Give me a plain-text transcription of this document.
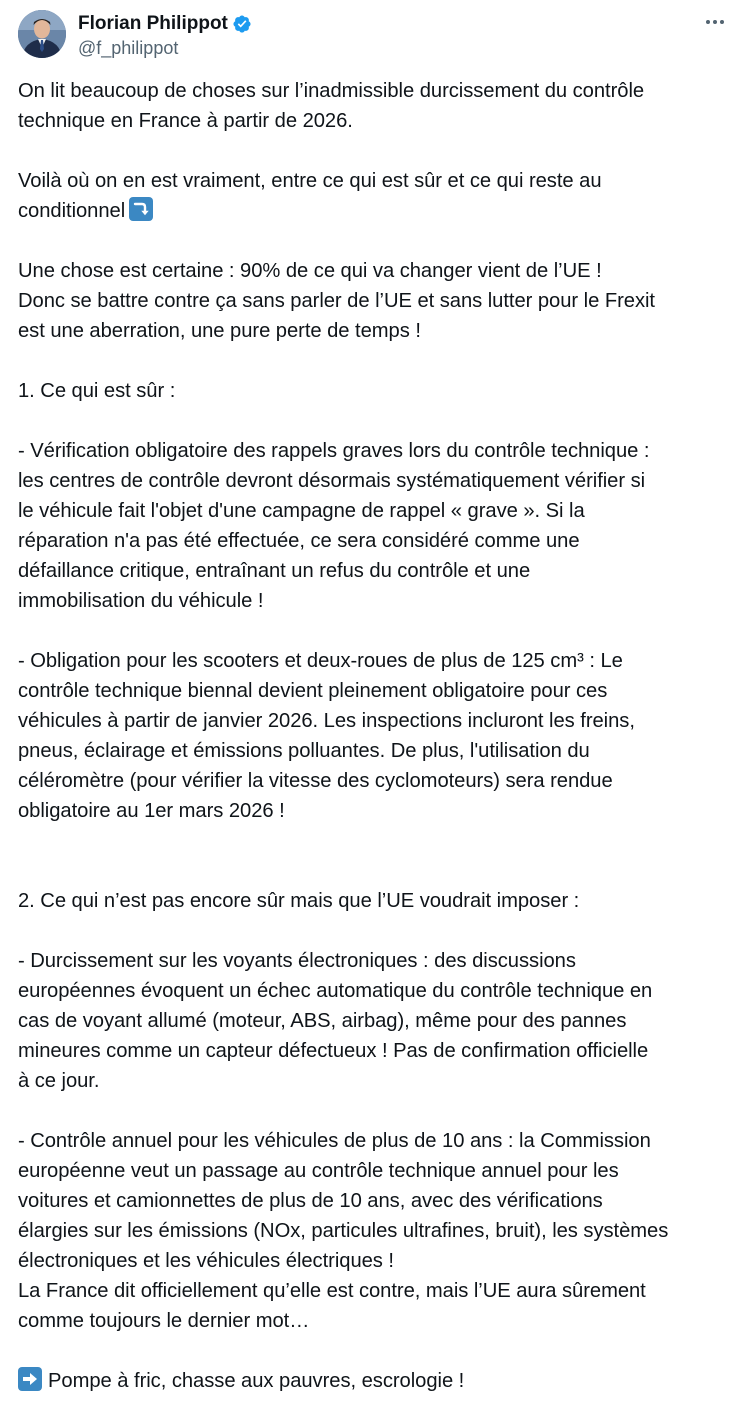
Florian Philippot
@f_philippot
On lit beaucoup de choses sur l’inadmissible durcissement du contrôle
technique en France à partir de 2026.
Voilà où on en est vraiment, entre ce qui est sûr et ce qui reste au
conditionnel
Une chose est certaine : 90% de ce qui va changer vient de l’UE !
Donc se battre contre ça sans parler de l’UE et sans lutter pour le Frexit
est une aberration, une pure perte de temps !
1. Ce qui est sûr :
- Vérification obligatoire des rappels graves lors du contrôle technique :
les centres de contrôle devront désormais systématiquement vérifier si
le véhicule fait l'objet d'une campagne de rappel « grave ». Si la
réparation n'a pas été effectuée, ce sera considéré comme une
défaillance critique, entraînant un refus du contrôle et une
immobilisation du véhicule !
- Obligation pour les scooters et deux-roues de plus de 125 cm³ : Le
contrôle technique biennal devient pleinement obligatoire pour ces
véhicules à partir de janvier 2026. Les inspections incluront les freins,
pneus, éclairage et émissions polluantes. De plus, l'utilisation du
céléromètre (pour vérifier la vitesse des cyclomoteurs) sera rendue
obligatoire au 1er mars 2026 !
2. Ce qui n’est pas encore sûr mais que l’UE voudrait imposer :
- Durcissement sur les voyants électroniques : des discussions
européennes évoquent un échec automatique du contrôle technique en
cas de voyant allumé (moteur, ABS, airbag), même pour des pannes
mineures comme un capteur défectueux ! Pas de confirmation officielle
à ce jour.
- Contrôle annuel pour les véhicules de plus de 10 ans : la Commission
européenne veut un passage au contrôle technique annuel pour les
voitures et camionnettes de plus de 10 ans, avec des vérifications
élargies sur les émissions (NOx, particules ultrafines, bruit), les systèmes
électroniques et les véhicules électriques !
La France dit officiellement qu’elle est contre, mais l’UE aura sûrement
comme toujours le dernier mot…
Pompe à fric, chasse aux pauvres, escrologie !
